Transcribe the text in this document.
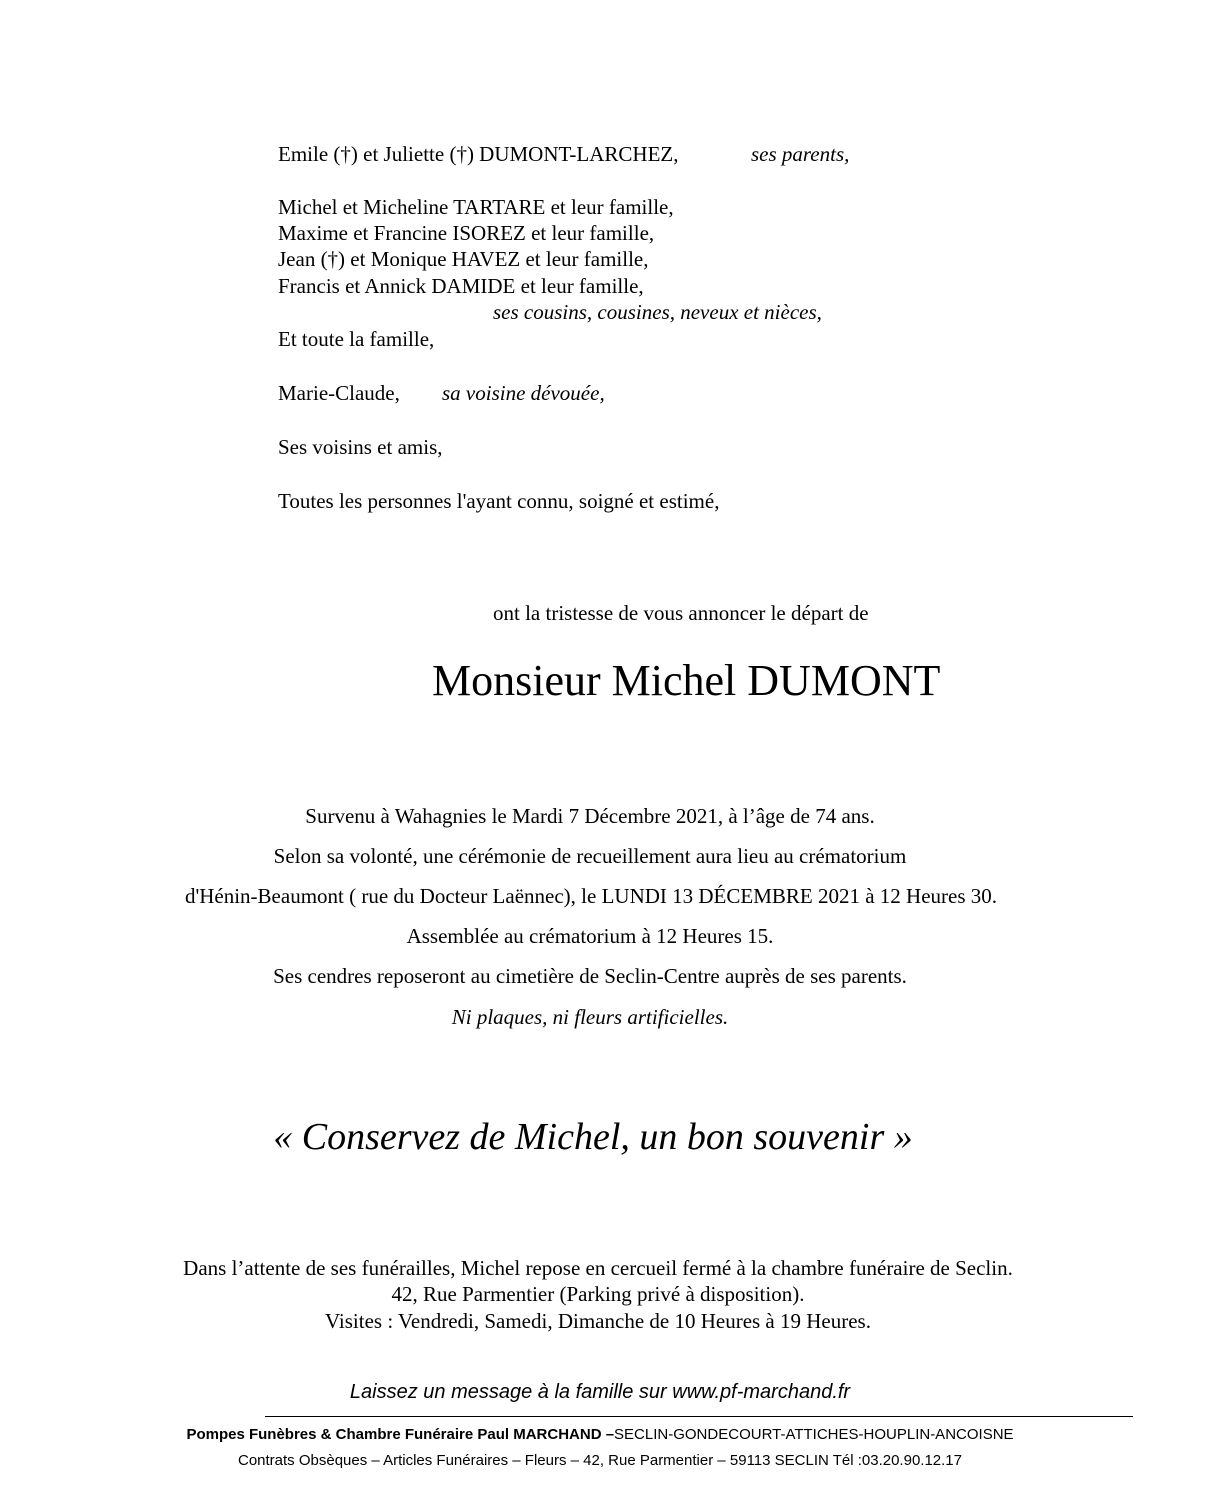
Emile (†) et Juliette (†) DUMONT-LARCHEZ,	ses parents,
Michel et Micheline TARTARE et leur famille,
Maxime et Francine ISOREZ et leur famille,
Jean (†) et Monique HAVEZ et leur famille,
Francis et Annick DAMIDE et leur famille,
ses cousins, cousines, neveux et nièces,
Et toute la famille,
Marie-Claude, sa voisine dévouée,
Ses voisins et amis,
Toutes les personnes l'ayant connu, soigné et estimé,
ont la tristesse de vous annoncer le départ de
Monsieur Michel DUMONT
Survenu à Wahagnies le Mardi 7 Décembre 2021, à l’âge de 74 ans.
Selon sa volonté, une cérémonie de recueillement aura lieu au crématorium
d'Hénin-Beaumont ( rue du Docteur Laënnec), le LUNDI 13 DÉCEMBRE 2021 à 12 Heures 30.
Assemblée au crématorium à 12 Heures 15.
Ses cendres reposeront au cimetière de Seclin-Centre auprès de ses parents.
Ni plaques, ni fleurs artificielles.
« Conservez de Michel, un bon souvenir »
Dans l’attente de ses funérailles, Michel repose en cercueil fermé à la chambre funéraire de Seclin.
42, Rue Parmentier (Parking privé à disposition).
Visites : Vendredi, Samedi, Dimanche de 10 Heures à 19 Heures.
Laissez un message à la famille sur www.pf-marchand.fr
Pompes Funèbres & Chambre Funéraire Paul MARCHAND –SECLIN-GONDECOURT-ATTICHES-HOUPLIN-ANCOISNE
Contrats Obsèques – Articles Funéraires – Fleurs – 42, Rue Parmentier – 59113 SECLIN Tél :03.20.90.12.17
